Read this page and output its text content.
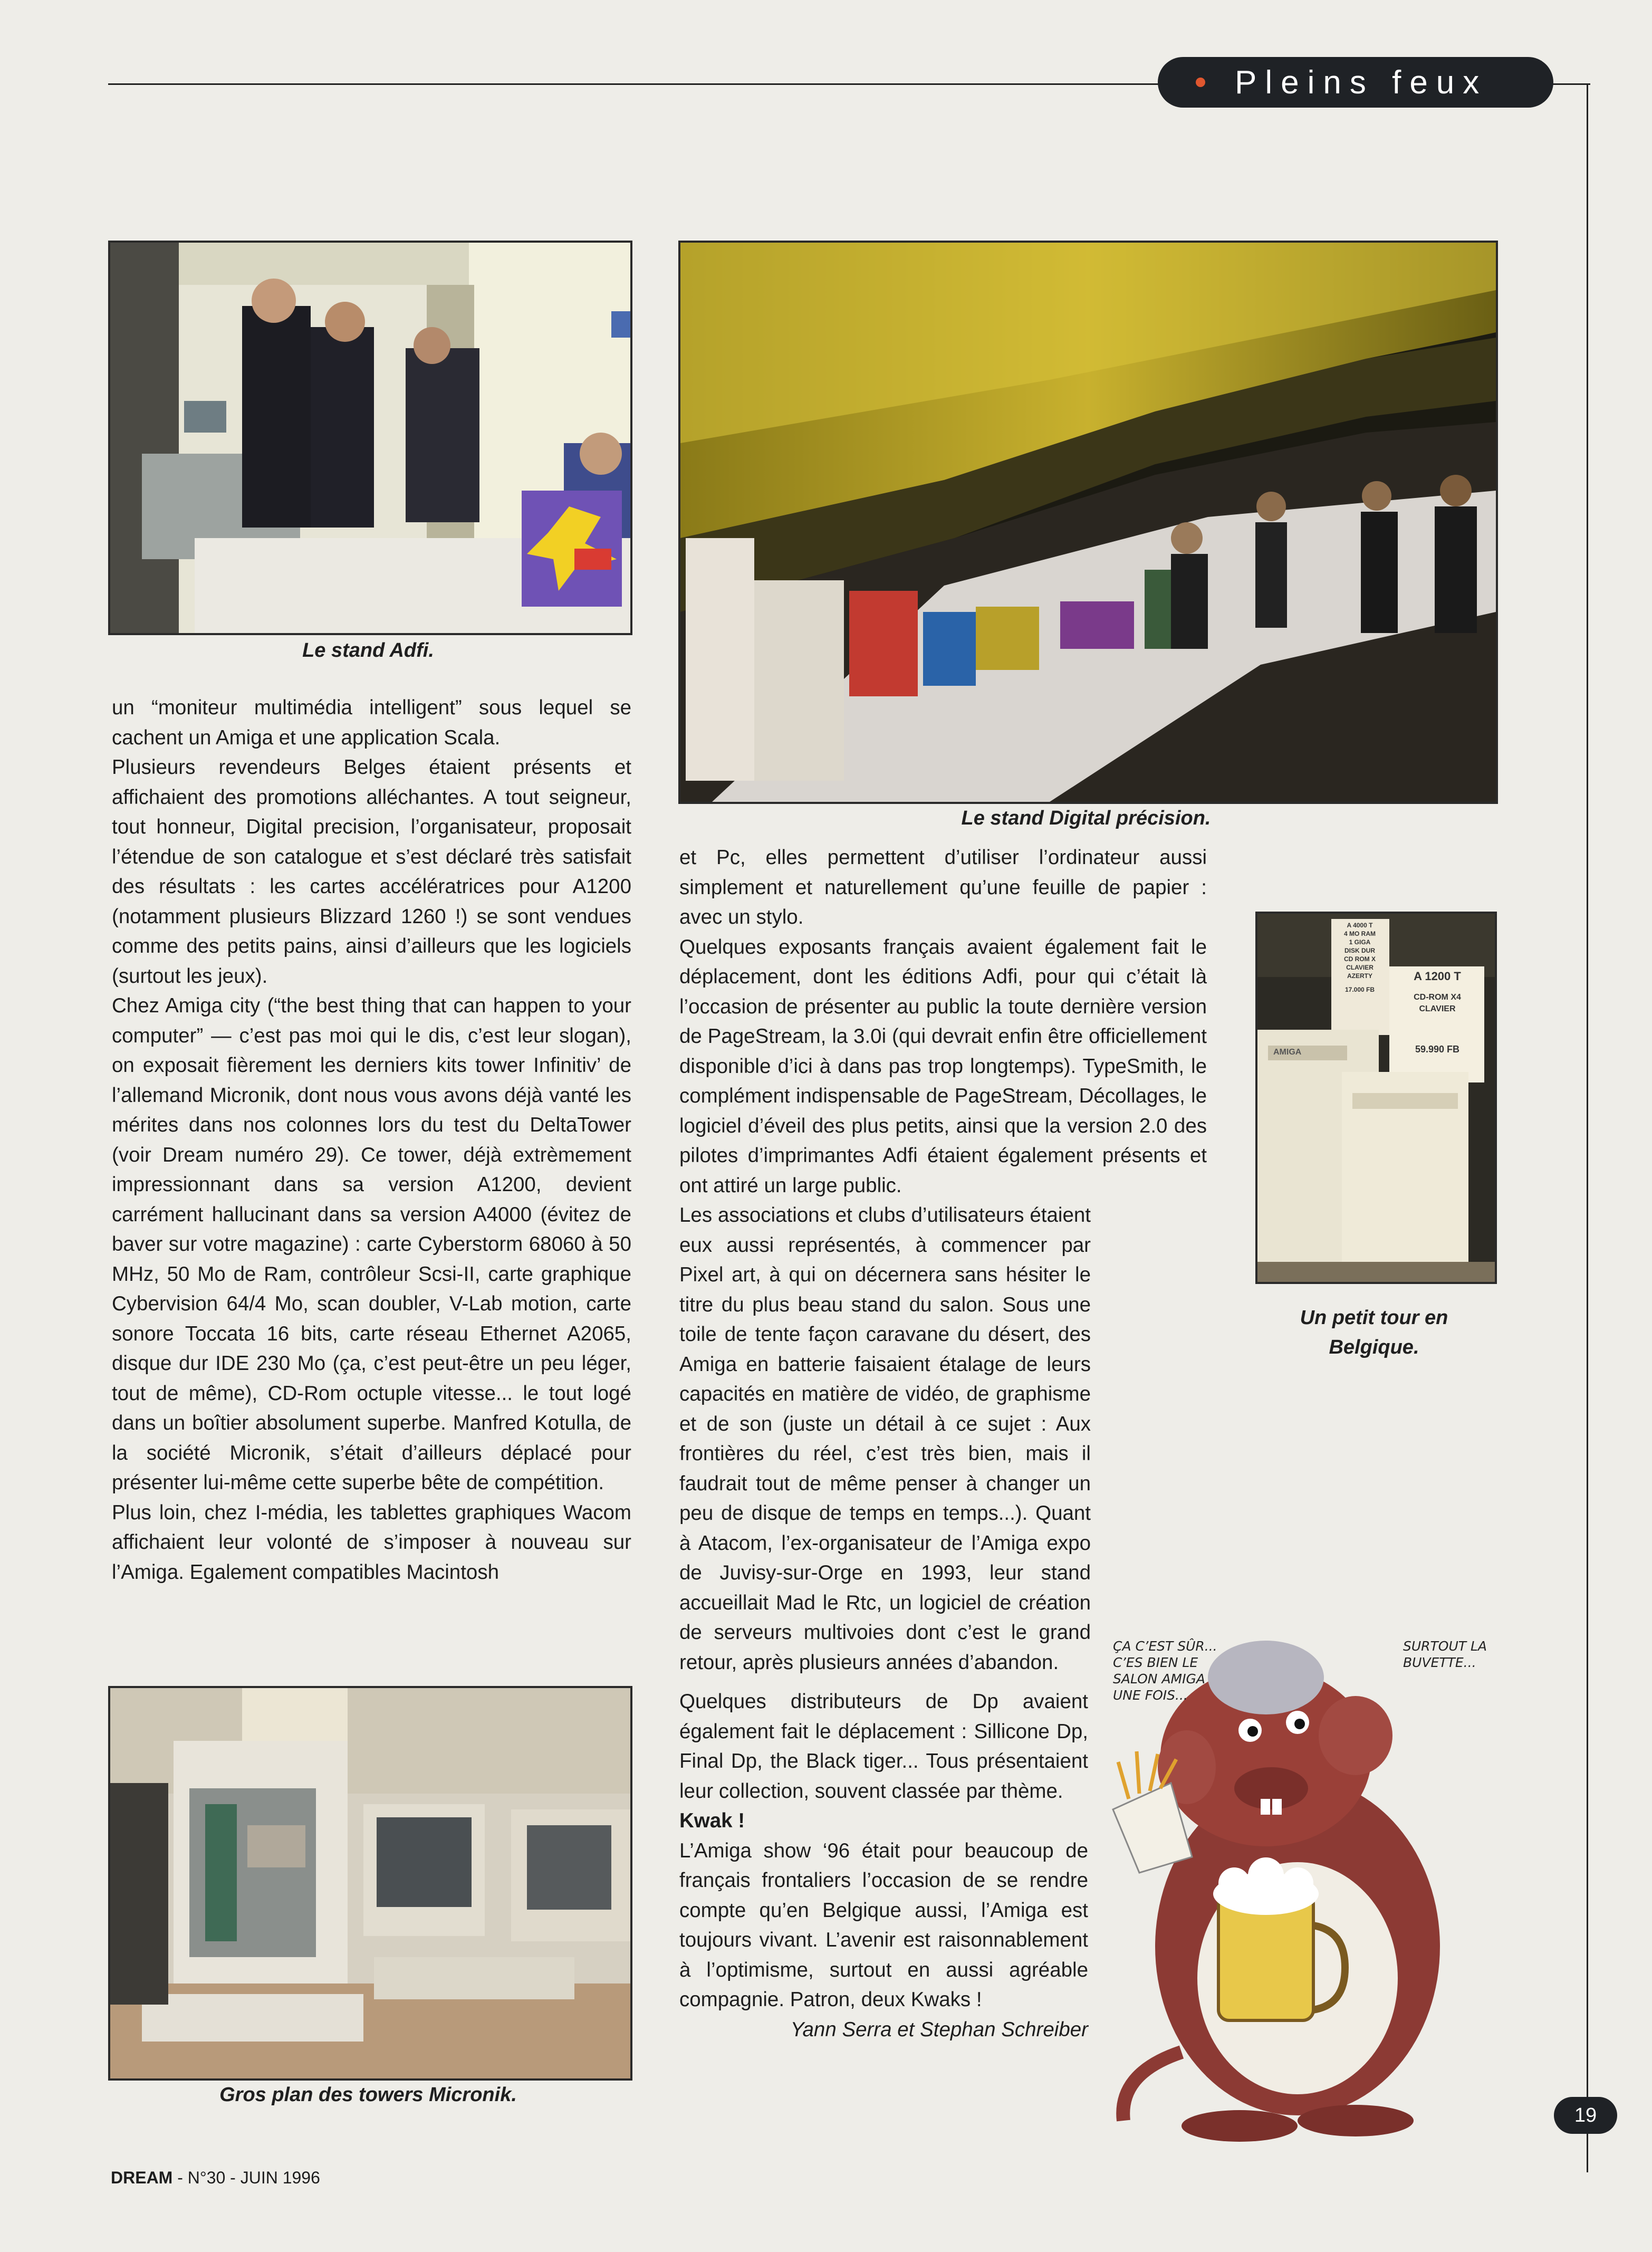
Pleins feux
Le stand Adfi.
Le stand Digital précision.
A 4000 T
4 MO RAM
1 GIGA
DISK DUR
CD ROM X
CLAVIER
AZERTY
17.000 FB
A 1200 T
CD-ROM X4
CLAVIER
59.990 FB
AMIGA
Un petit tour en Belgique.
Gros plan des towers Micronik.

un “moniteur multimédia intelligent” sous lequel se cachent un Amiga et une application Scala.

Plusieurs revendeurs Belges étaient présents et affichaient des promotions alléchantes. A tout seigneur, tout honneur, Digital precision, l’organisateur, proposait l’étendue de son catalogue et s’est déclaré très satisfait des résultats : les cartes accélératrices pour A1200 (notamment plusieurs Blizzard 1260 !) se sont vendues comme des petits pains, ainsi d’ailleurs que les logiciels (surtout les jeux).

Chez Amiga city (“the best thing that can happen to your computer” — c’est pas moi qui le dis, c’est leur slogan), on exposait fièrement les derniers kits tower Infinitiv’ de l’allemand Micronik, dont nous vous avons déjà vanté les mérites dans nos colonnes lors du test du DeltaTower (voir Dream numéro 29). Ce tower, déjà extrèmement impressionnant dans sa version A1200, devient carrément hallucinant dans sa version A4000 (évitez de baver sur votre magazine) : carte Cyberstorm 68060 à 50 MHz, 50 Mo de Ram, contrôleur Scsi-II, carte graphique Cybervision 64/4 Mo, scan doubler, V-Lab motion, carte sonore Toccata 16 bits, carte réseau Ethernet A2065, disque dur IDE 230 Mo (ça, c’est peut-être un peu léger, tout de même), CD-Rom octuple vitesse... le tout logé dans un boîtier absolument superbe. Manfred Kotulla, de la société Micronik, s’était d’ailleurs déplacé pour présenter lui-même cette superbe bête de compétition.

Plus loin, chez I-média, les tablettes graphiques Wacom affichaient leur volonté de s’imposer à nouveau sur l’Amiga. Egalement compatibles Macintosh

et Pc, elles permettent d’utiliser l’ordinateur aussi simplement et naturellement qu’une feuille de papier : avec un stylo.

Quelques exposants français avaient également fait le déplacement, dont les éditions Adfi, pour qui c’était là l’occasion de présenter au public la toute dernière version de PageStream, la 3.0i (qui devrait enfin être officiellement disponible d’ici à dans pas trop longtemps). TypeSmith, le complément indispensable de PageStream, Décollages, le logiciel d’éveil des plus petits, ainsi que la version 2.0 des pilotes d’imprimantes Adfi étaient également présents et ont attiré un large public.

Les associations et clubs d’utilisateurs étaient eux aussi représentés, à commencer par Pixel art, à qui on décernera sans hésiter le titre du plus beau stand du salon. Sous une toile de tente façon caravane du désert, des Amiga en batterie faisaient étalage de leurs capacités en matière de vidéo, de graphisme et de son (juste un détail à ce sujet : Aux frontières du réel, c’est très bien, mais il faudrait tout de même penser à changer un peu de disque de temps en temps...). Quant à Atacom, l’ex-organisateur de l’Amiga expo de Juvisy-sur-Orge en 1993, leur stand accueillait Mad le Rtc, un logiciel de création de serveurs multivoies dont c’est le grand retour, après plusieurs années d’abandon.

Quelques distributeurs de Dp avaient également fait le déplacement : Sillicone Dp, Final Dp, the Black tiger... Tous présentaient leur collection, souvent classée par thème.

Kwak !

L’Amiga show ‘96 était pour beaucoup de français frontaliers l’occasion de se rendre compte qu’en Belgique aussi, l’Amiga est toujours vivant. L’avenir est raisonnablement à l’optimisme, surtout en aussi agréable compagnie. Patron, deux Kwaks !

Yann Serra et Stephan Schreiber

ÇA C’EST SÛR...
C’ES BIEN LE
SALON AMIGA
UNE FOIS...
SURTOUT LA
BUVETTE...
DREAM - N°30 - JUIN 1996
19
